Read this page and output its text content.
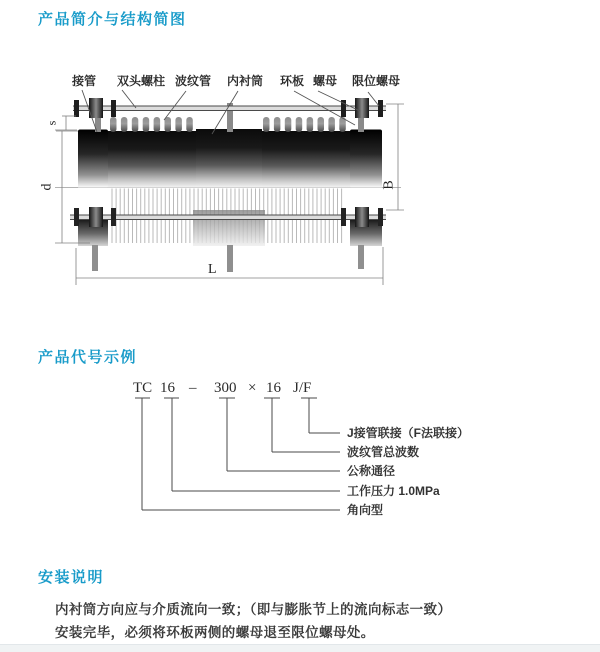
产品简介与结构简图
接管 双头螺柱 波纹管 内衬筒 环板 螺母 限位螺母
s
d	B
L
产品代号示例
TC 16 – 300 × 16 J/F
J接管联接（F法联接）
波纹管总波数
公称通径
工作压力 1.0MPa
角向型
安装说明

内衬筒方向应与介质流向一致；（即与膨胀节上的流向标志一致）

安装完毕，必须将环板两侧的螺母退至限位螺母处。
